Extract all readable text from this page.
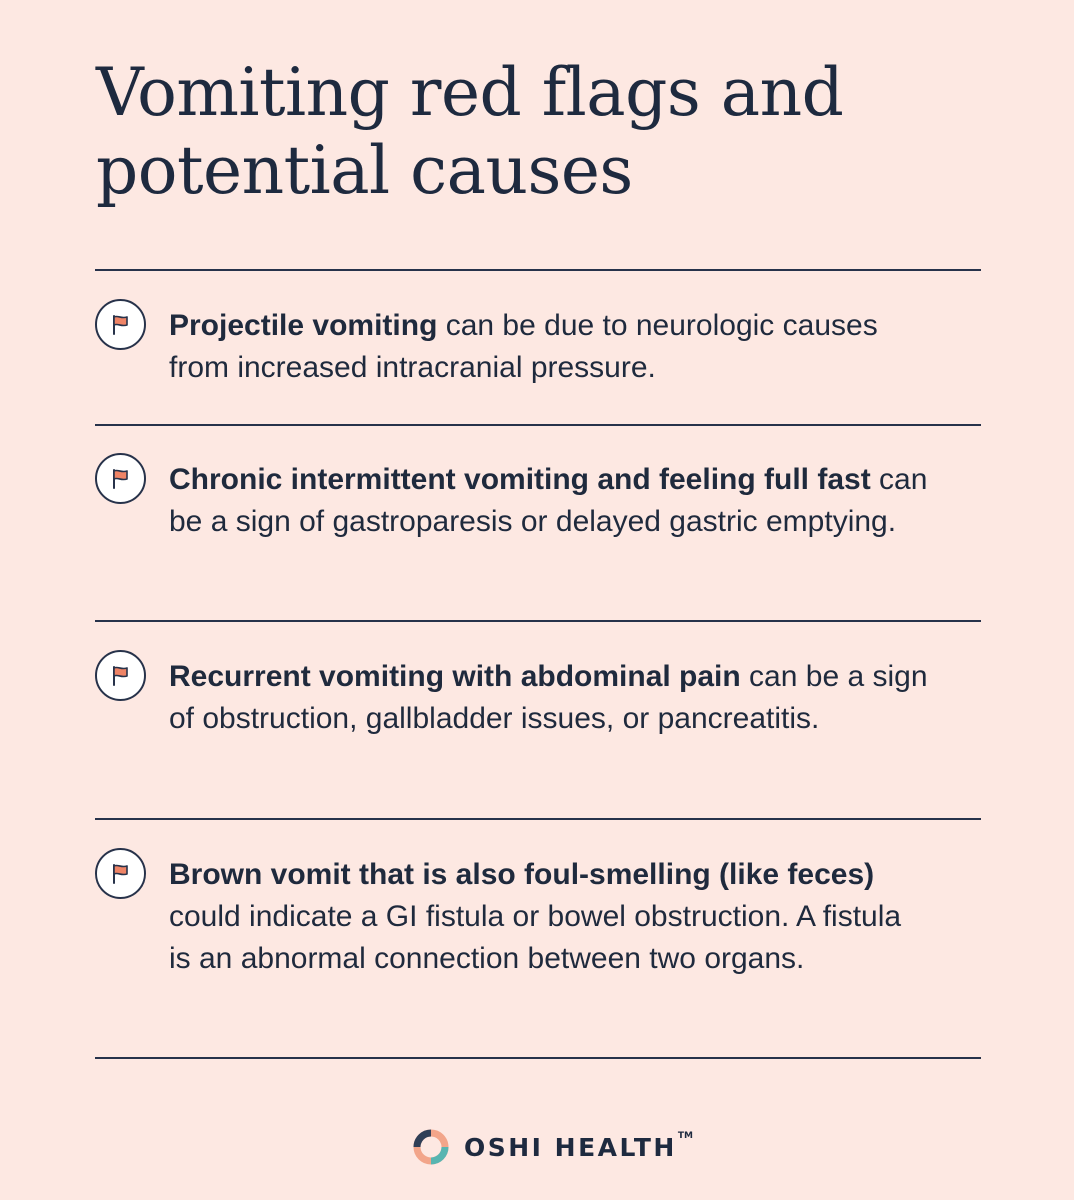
Vomiting red flags and potential causes

Projectile vomiting can be due to neurologic causes from increased intracranial pressure.

Chronic intermittent vomiting and feeling full fast can be a sign of gastroparesis or delayed gastric emptying.

Recurrent vomiting with abdominal pain can be a sign of obstruction, gallbladder issues, or pancreatitis.

Brown vomit that is also foul-smelling (like feces) could indicate a GI fistula or bowel obstruction. A fistula is an abnormal connection between two organs.

OSHI HEALTH TM
